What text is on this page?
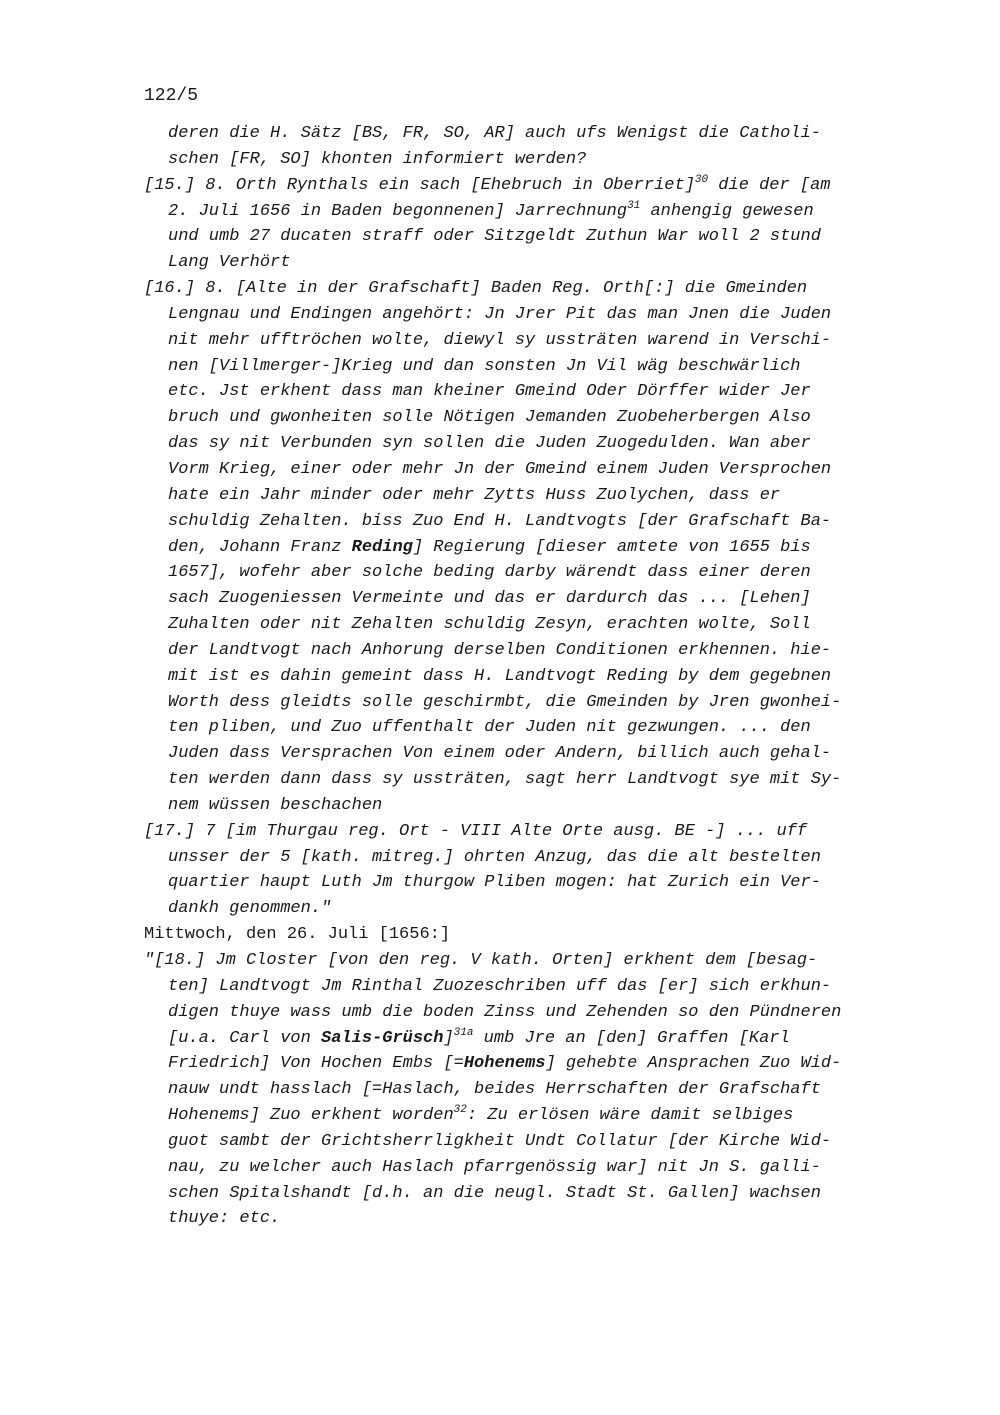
122/5
deren die H. Sätz [BS, FR, SO, AR] auch ufs Wenigst die Catholi-
schen [FR, SO] khonten informiert werden?
[15.] 8. Orth Rynthals ein sach [Ehebruch in Oberriet]$^{30}$ die der [am
2. Juli 1656 in Baden begonnenen] Jarrechnung$^{31}$ anhengig gewesen
und umb 27 ducaten straff oder Sitzgeldt Zuthun War woll 2 stund
Lang Verhört
[16.] 8. [Alte in der Grafschaft] Baden Reg. Orth[:] die Gmeinden
Lengnau und Endingen angehört: Jn Jrer Pit das man Jnen die Juden
nit mehr ufftröchen wolte, diewyl sy ussträten warend in Verschi-
nen [Villmerger-]Krieg und dan sonsten Jn Vil wäg beschwärlich
etc. Jst erkhent dass man kheiner Gmeind Oder Dörffer wider Jer
bruch und gwonheiten solle Nötigen Jemanden Zuobeherbergen Also
das sy nit Verbunden syn sollen die Juden Zuogedulden. Wan aber
Vorm Krieg, einer oder mehr Jn der Gmeind einem Juden Versprochen
hate ein Jahr minder oder mehr Zytts Huss Zuolychen, dass er
schuldig Zehalten. biss Zuo End H. Landtvogts [der Grafschaft Ba-
den, Johann Franz Reding] Regierung [dieser amtete von 1655 bis
1657], wofehr aber solche beding darby wärendt dass einer deren
sach Zuogeniessen Vermeinte und das er dardurch das ... [Lehen]
Zuhalten oder nit Zehalten schuldig Zesyn, erachten wolte, Soll
der Landtvogt nach Anhorung derselben Conditionen erkhennen. hie-
mit ist es dahin gemeint dass H. Landtvogt Reding by dem gegebnen
Worth dess gleidts solle geschirmbt, die Gmeinden by Jren gwonhei-
ten pliben, und Zuo uffenthalt der Juden nit gezwungen. ... den
Juden dass Versprachen Von einem oder Andern, billich auch gehal-
ten werden dann dass sy ussträten, sagt herr Landtvogt sye mit Sy-
nem wüssen beschachen
[17.] 7 [im Thurgau reg. Ort - VIII Alte Orte ausg. BE -] ... uff
unsser der 5 [kath. mitreg.] ohrten Anzug, das die alt bestelten
quartier haupt Luth Jm thurgow Pliben mogen: hat Zurich ein Ver-
dankh genommen."
Mittwoch, den 26. Juli [1656:]
"[18.] Jm Closter [von den reg. V kath. Orten] erkhent dem [besag-
ten] Landtvogt Jm Rinthal Zuozeschriben uff das [er] sich erkhun-
digen thuye wass umb die boden Zinss und Zehenden so den Pündneren
[u.a. Carl von Salis-Grüsch]$^{31a}$ umb Jre an [den] Graffen [Karl
Friedrich] Von Hochen Embs [=Hohenems] gehebte Ansprachen Zuo Wid-
nauw undt hasslach [=Haslach, beides Herrschaften der Grafschaft
Hohenems] Zuo erkhent worden$^{32}$: Zu erlösen wäre damit selbiges
guot sambt der Grichtsherrligkheit Undt Collatur [der Kirche Wid-
nau, zu welcher auch Haslach pfarrgenössig war] nit Jn S. galli-
schen Spitalshandt [d.h. an die neugl. Stadt St. Gallen] wachsen
thuye: etc.
